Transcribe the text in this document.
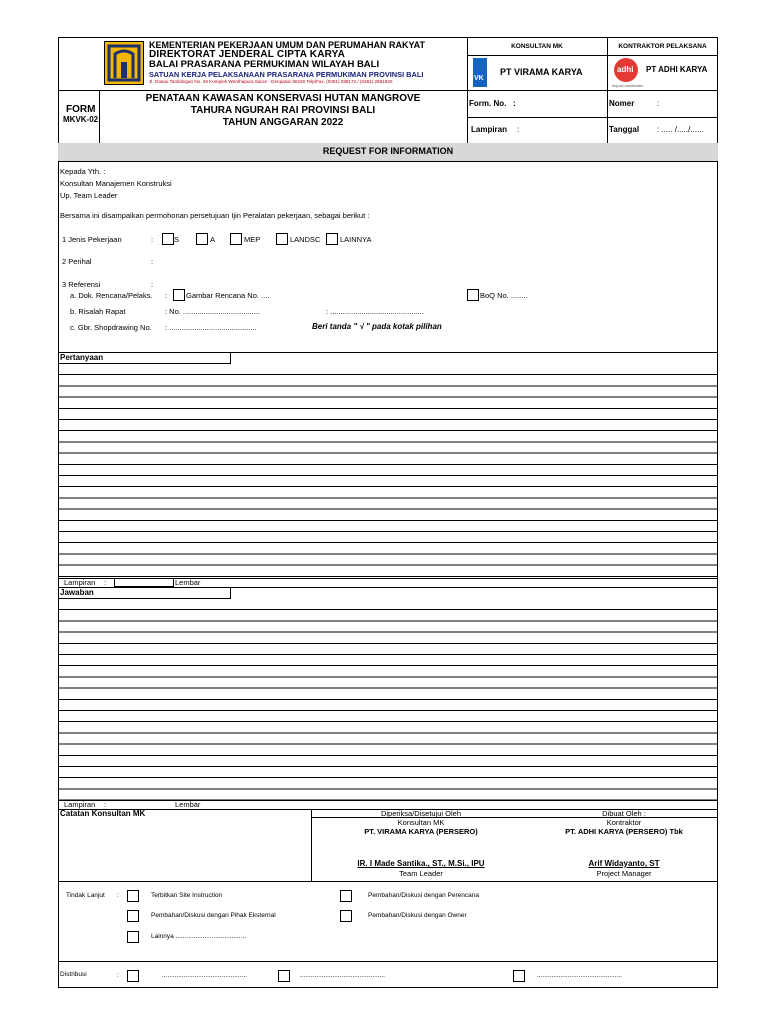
KEMENTERIAN PEKERJAAN UMUM DAN PERUMAHAN RAKYAT
DIREKTORAT JENDERAL CIPTA KARYA
BALAI PRASARANA PERMUKIMAN WILAYAH BALI
SATUAN KERJA PELAKSANAAN PRASARANA PERMUKIMAN PROVINSI BALI
Jl. Danau Tamblingan No. 49 Komplek Werdhapura Sanur - Denpasar 80228 Telp/Fax. (0361) 288172 / (0361) 2881620
KONSULTAN MK	KONTRAKTOR PELAKSANA
VK
PT VIRAMA KARYA	adhi
beyond construction
PT ADHI KARYA
FORM
MKVK-02
PENATAAN KAWASAN KONSERVASI HUTAN MANGROVE
TAHURA NGURAH RAI PROVINSI BALI
TAHUN ANGGARAN 2022
Form. No. :	Nomer	:
Lampiran :	Tanggal : ..... /...../......
REQUEST FOR INFORMATION
Kepada Yth. :
Konsultan Manajemen Konstruksi
Up. Team Leader
Bersama ini disampaikan permohonan persetujuan Ijin Peralatan pekerjaan, sebagai berikut :
1 Jenis Pekerjaan	:	S	A	MEP	LANDSC	LAINNYA
2 Perihal	:
3 Referensi	:
a. Dok. Rencana/Pelaks. :	Gambar Rencana No. ....	BoQ No. ........
b. Risalah Rapat	: No. .....................................	: .............................................
c. Gbr. Shopdrawing No. : ..........................................	Beri tanda " √ " pada kotak pilihan
Pertanyaan
Lampiran :	Lembar
Jawaban
Lampiran :	Lembar
Catatan Konsultan MK	Diperiksa/Disetujui Oleh	Dibuat Oleh :
Konsultan MK	Kontraktor
PT. VIRAMA KARYA (PERSERO)	PT. ADHI KARYA (PERSERO) Tbk
IR. I Made Santika., ST., M.Si., IPU
Team Leader
Arif Widayanto, ST
Project Manager
Tindak Lanjut :	Terbitkan Site Instruction	Pembahan/Diskusi dengan Perencana
Pembahan/Diskusi dengan Pihak Eksternal	Pembahan/Diskusi dengan Owner
Lainnya .......................................
Distribusi	:	...............................................	...............................................	...............................................
